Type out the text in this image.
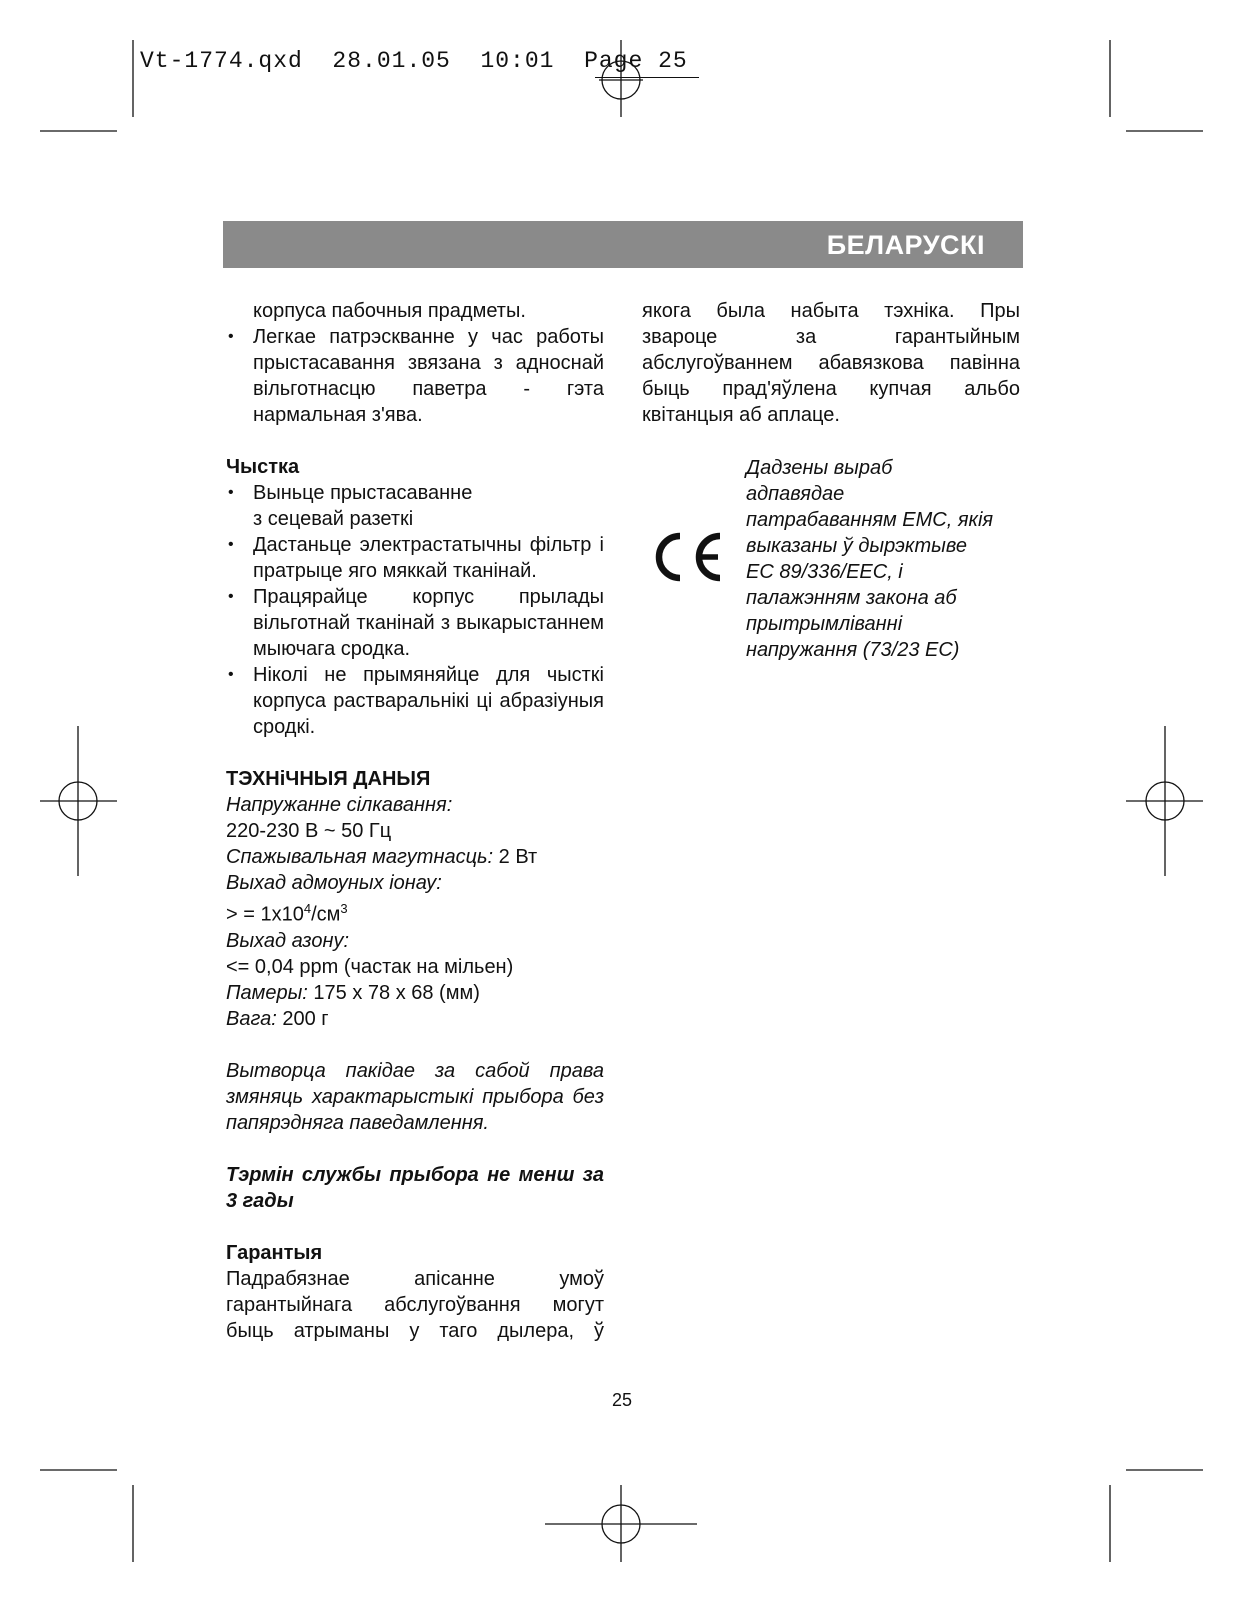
Vt-1774.qxd  28.01.05  10:01  Page 25
БЕЛАРУСКI

корпуса пабочныя прадметы.

• Легкае патрэскванне у час работы прыстасавання звязана з адноснай вільготнасцю паветра - гэта нармальная з'ява.

Чыстка

• Выньце прыстасаванне

з сецевай разеткі

• Дастаньце электрастатычны фільтр і пратрыце яго мяккай тканінай.
• Працярайце корпус прылады вільготнай тканінай з выкарыстаннем мыючага сродка.
• Ніколі не прымяняйце для чысткі корпуса растваральнікі ці абразіуныя сродкі.

ТЭХНiЧНЫЯ ДАНЫЯ

Напружанне сілкавання:

220-230 В ~ 50 Гц

Спажывальная магутнасць: 2 Вт

Выхад адмоуных іонау:

> = $1x10^4/см^3$

Выхад азону:

<= 0,04 ppm (частак на мільен)

Памеры: 175 х 78 х 68 (мм)

Вага: 200 г

Вытворца пакідае за сабой права змяняць характарыстыкі прыбора без папярэдняга паведамлення.

Тэрмін службы прыбора не менш за 3 гады

Гарантыя

Падрабязнае апісанне умоў гарантыйнага абслугоўвання могут быць атрыманы у таго дылера, ў

якога была набыта тэхніка. Пры звароце за гарантыйным абслугоўваннем абавязкова павінна быць прад'яўлена купчая альбо квітанцыя аб аплаце.

Дадзены выраб

адпавядае

патрабаванням ЕМС, якія

выказаны ў дырэктыве

ЕС 89/336/ЕЕС, і

палажэнням закона аб

прытрымліванні

напружання (73/23 ЕС)

25
